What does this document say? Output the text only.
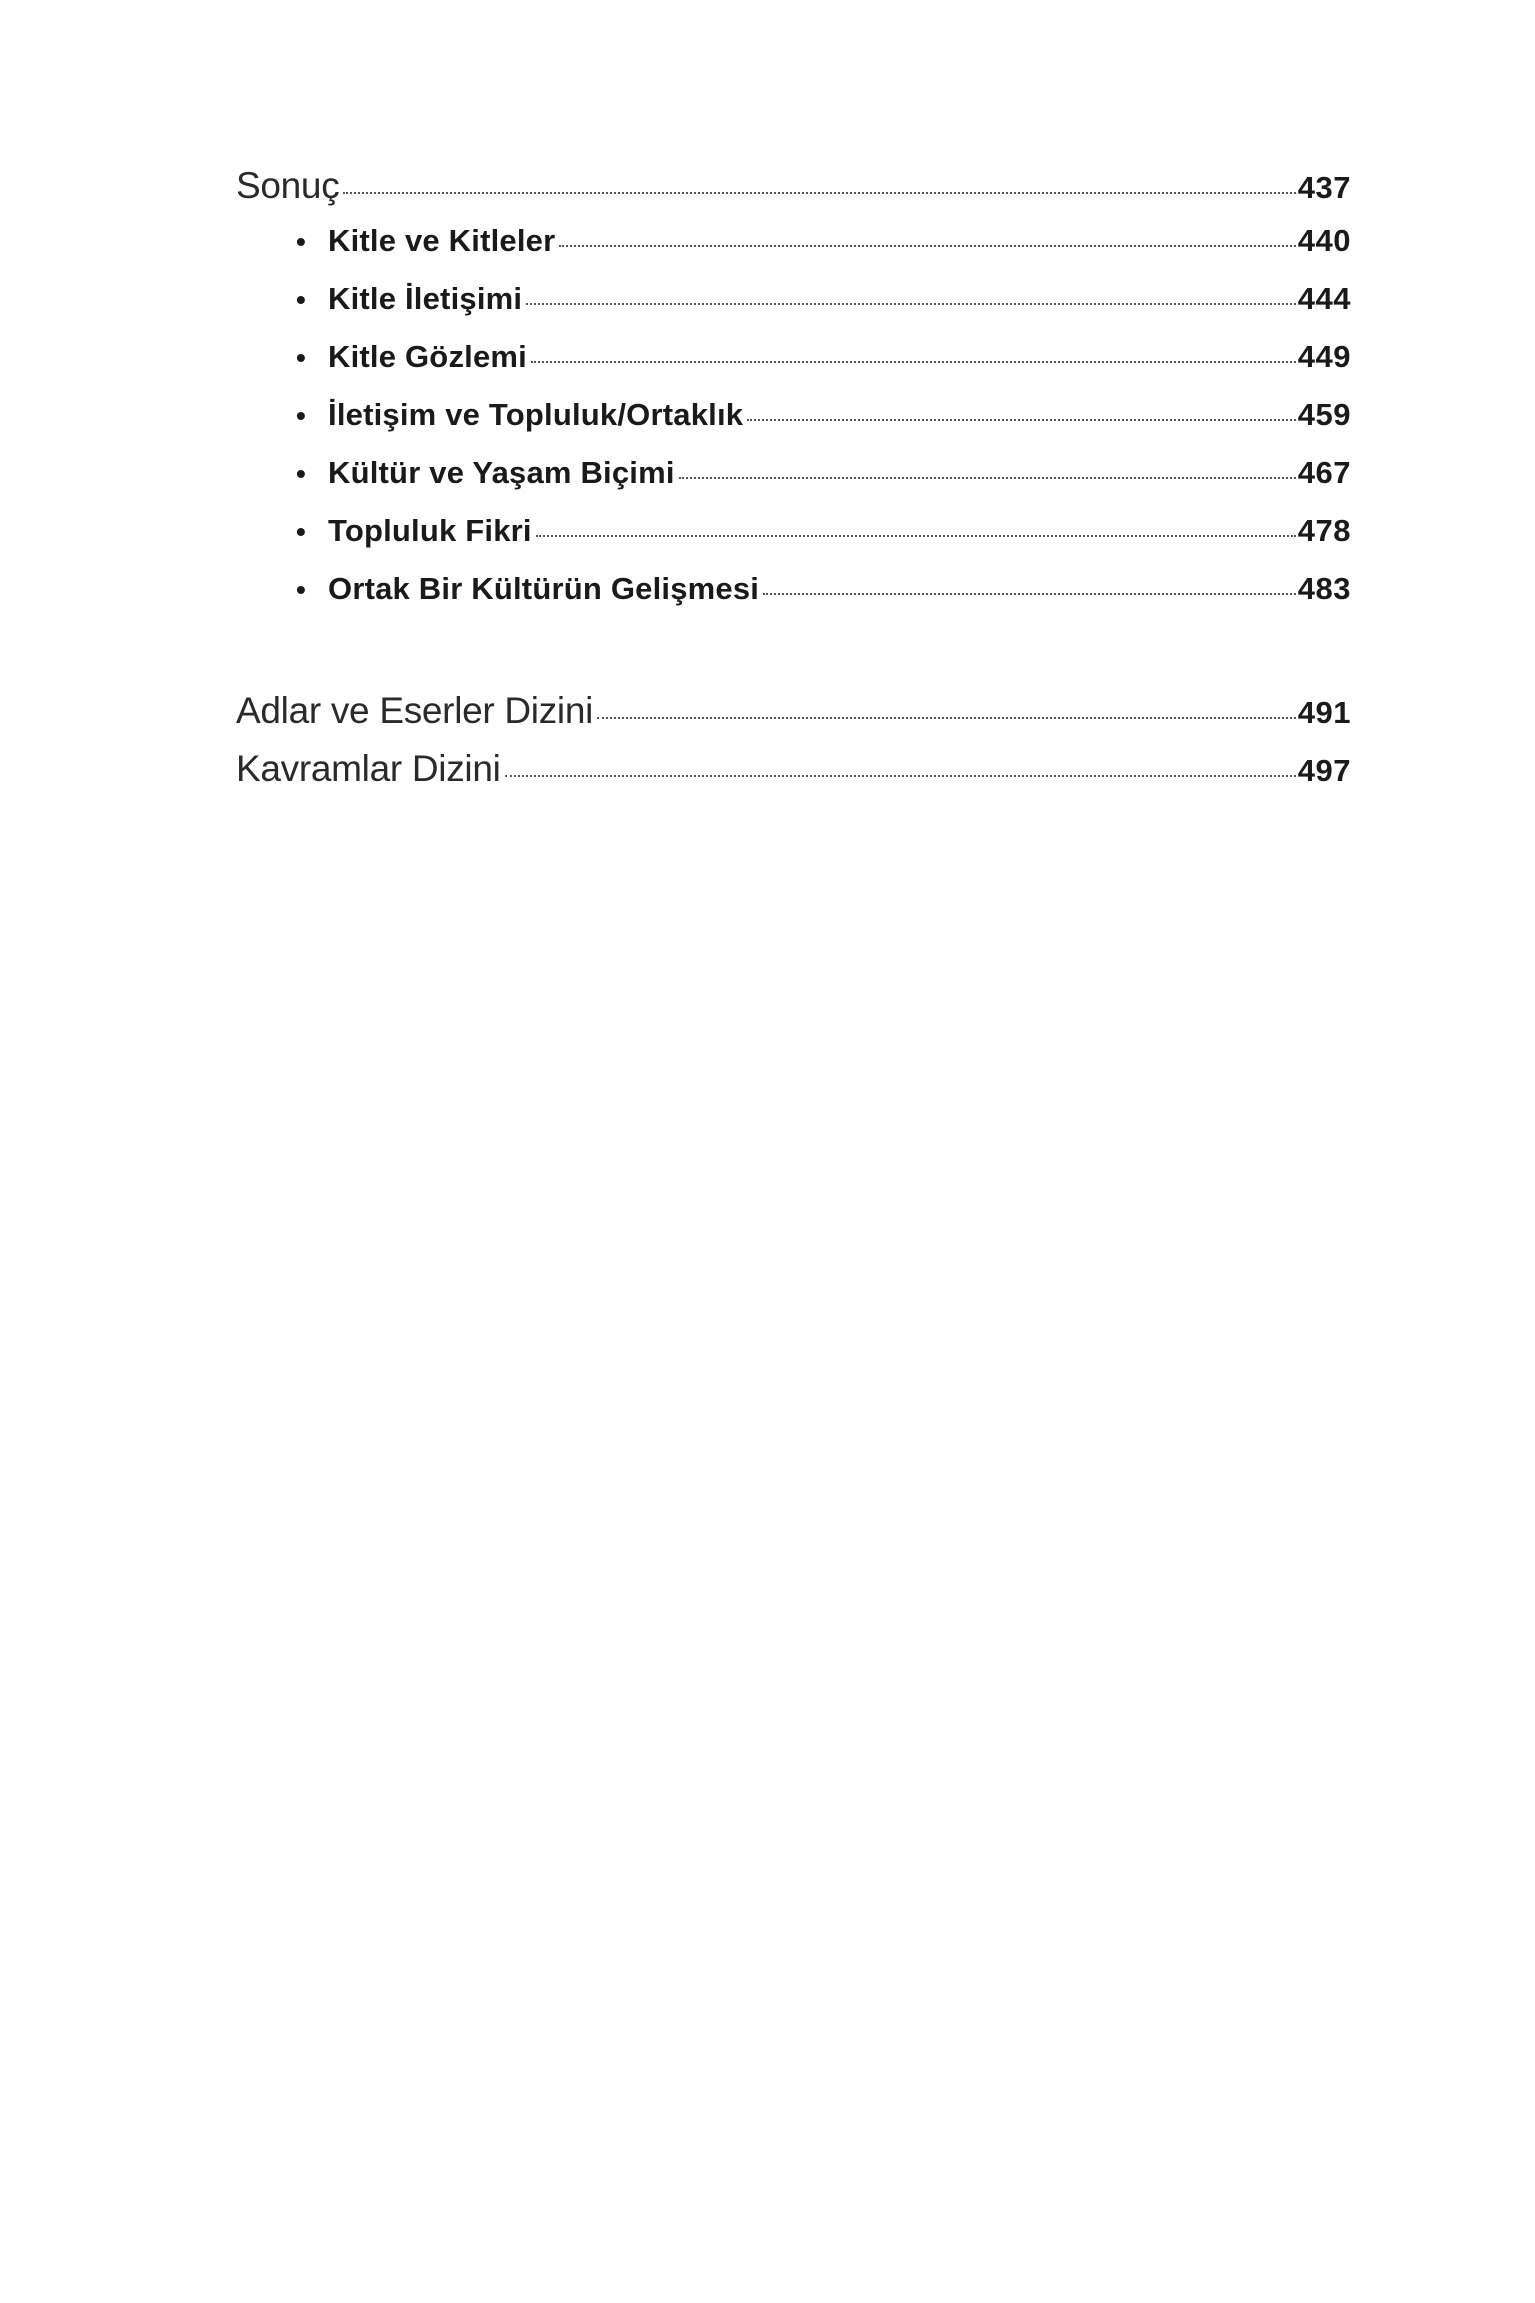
Sonuç	437
• Kitle ve Kitleler	440
• Kitle İletişimi	444
• Kitle Gözlemi	449
• İletişim ve Topluluk/Ortaklık	459
• Kültür ve Yaşam Biçimi	467
• Topluluk Fikri	478
• Ortak Bir Kültürün Gelişmesi	483
Adlar ve Eserler Dizini	491
Kavramlar Dizini	497
